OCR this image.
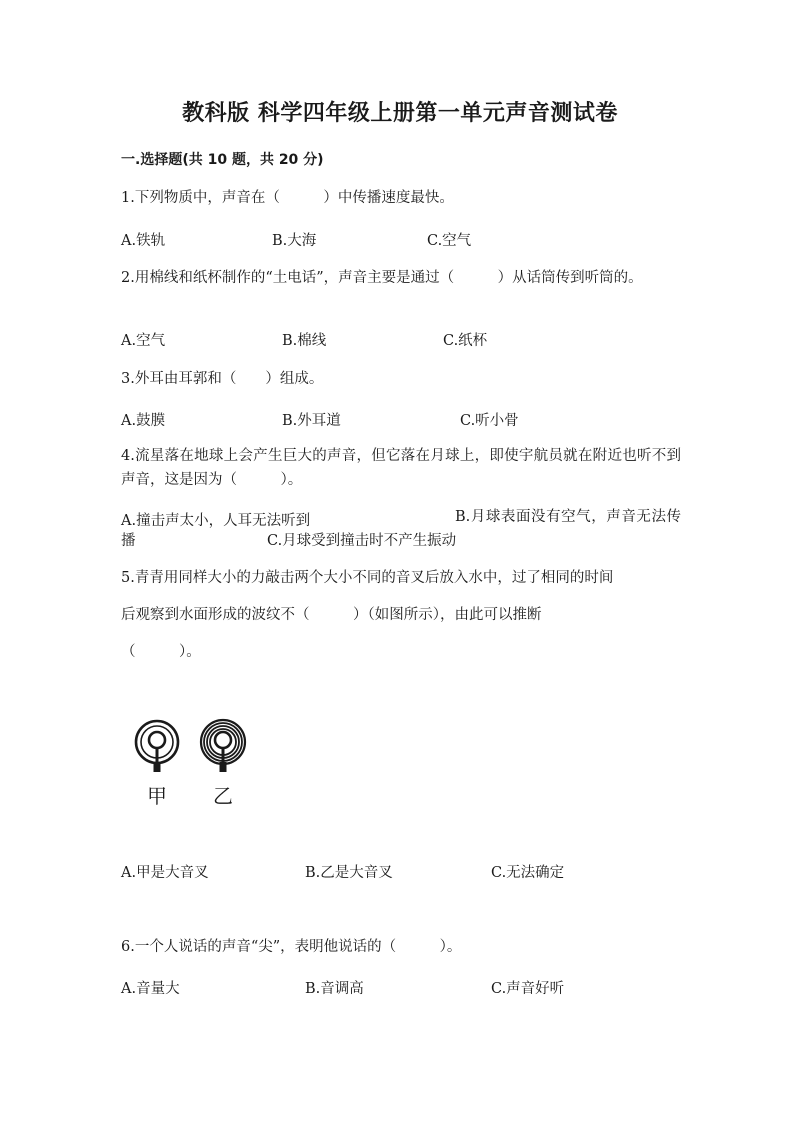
教科版 科学四年级上册第一单元声音测试卷
一.选择题(共 10 题，共 20 分)
1.下列物质中，声音在（　　　）中传播速度最快。
A.铁轨	B.大海	C.空气
2.用棉线和纸杯制作的“土电话”，声音主要是通过（　　　）从话筒传到听筒的。
A.空气	B.棉线	C.纸杯
3.外耳由耳郭和（　　）组成。
A.鼓膜	B.外耳道	C.听小骨
4.流星落在地球上会产生巨大的声音，但它落在月球上，即使宇航员就在附近也听不到声音，这是因为（　　　）。
A.撞击声太小，人耳无法听到	B.月球表面没有空气，声音无法传播	C.月球受到撞击时不产生振动
5.青青用同样大小的力敲击两个大小不同的音叉后放入水中，过了相同的时间
后观察到水面形成的波纹不（　　　）（如图所示），由此可以推断
（　　　）。
甲 乙
A.甲是大音叉	B.乙是大音叉	C.无法确定
6.一个人说话的声音“尖”，表明他说话的（　　　）。
A.音量大	B.音调高	C.声音好听
